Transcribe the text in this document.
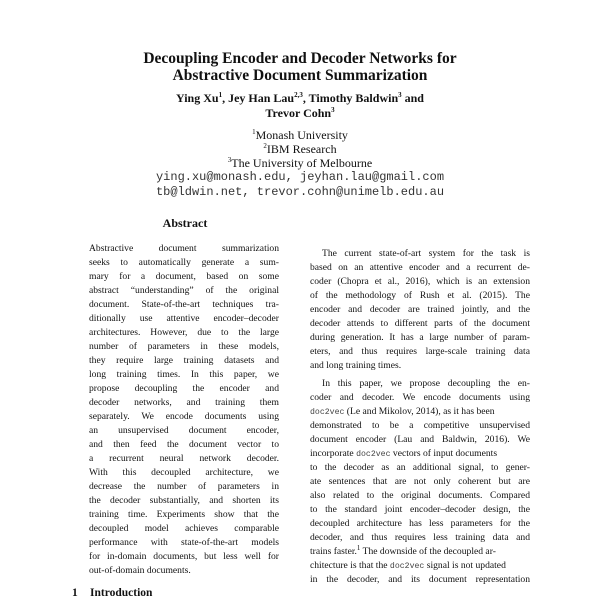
Decoupling Encoder and Decoder Networks for
Abstractive Document Summarization
Ying Xu$^1$, Jey Han Lau$^{2,3}$, Timothy Baldwin$^3$ and
Trevor Cohn$^3$
$^1$Monash University
$^2$IBM Research
$^3$The University of Melbourne
ying.xu@monash.edu, jeyhan.lau@gmail.com
tb@ldwin.net, trevor.cohn@unimelb.edu.au
Abstract
Abstractive document summarization
seeks to automatically generate a sum-
mary for a document, based on some
abstract “understanding” of the original
document. State-of-the-art techniques tra-
ditionally use attentive encoder–decoder
architectures. However, due to the large
number of parameters in these models,
they require large training datasets and
long training times. In this paper, we
propose decoupling the encoder and
decoder networks, and training them
separately. We encode documents using
an unsupervised document encoder,
and then feed the document vector to
a recurrent neural network decoder.
With this decoupled architecture, we
decrease the number of parameters in
the decoder substantially, and shorten its
training time. Experiments show that the
decoupled model achieves comparable
performance with state-of-the-art models
for in-domain documents, but less well for
out-of-domain documents.
1 Introduction
The current state-of-art system for the task is
based on an attentive encoder and a recurrent de-
coder (Chopra et al., 2016), which is an extension
of the methodology of Rush et al. (2015). The
encoder and decoder are trained jointly, and the
decoder attends to different parts of the document
during generation. It has a large number of param-
eters, and thus requires large-scale training data
and long training times.
In this paper, we propose decoupling the en-
coder and decoder. We encode documents using
doc2vec (Le and Mikolov, 2014), as it has been
demonstrated to be a competitive unsupervised
document encoder (Lau and Baldwin, 2016). We
incorporate doc2vec vectors of input documents
to the decoder as an additional signal, to gener-
ate sentences that are not only coherent but are
also related to the original documents. Compared
to the standard joint encoder–decoder design, the
decoupled architecture has less parameters for the
decoder, and thus requires less training data and
trains faster.$^1$ The downside of the decoupled ar-
chitecture is that the doc2vec signal is not updated
in the decoder, and its document representation
